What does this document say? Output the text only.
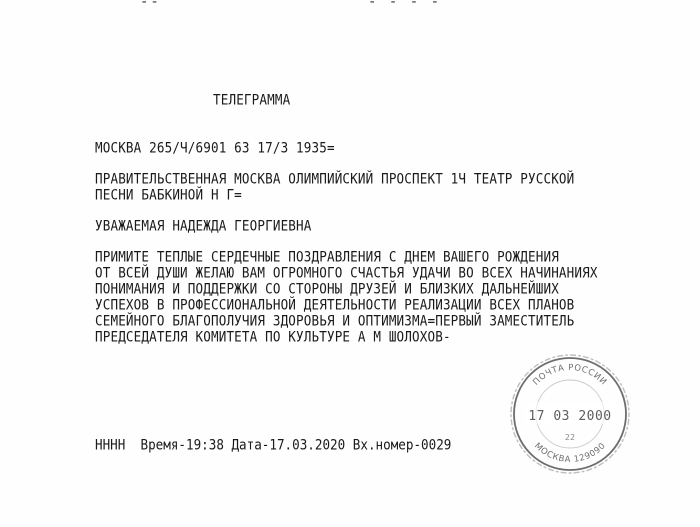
--	- - - -
ТЕЛЕГРАММА
МОСКВА 265/Ч/6901 63 17/3 1935=
ПРАВИТЕЛЬСТВЕННАЯ МОСКВА ОЛИМПИЙСКИЙ ПРОСПЕКТ 1Ч ТЕАТР РУССКОЙ
ПЕСНИ БАБКИНОЙ Н Г=
УВАЖАЕМАЯ НАДЕЖДА ГЕОРГИЕВНА
ПРИМИТЕ ТЕПЛЫЕ СЕРДЕЧНЫЕ ПОЗДРАВЛЕНИЯ С ДНЕМ ВАШЕГО РОЖДЕНИЯ
ОТ ВСЕЙ ДУШИ ЖЕЛАЮ ВАМ ОГРОМНОГО СЧАСТЬЯ УДАЧИ ВО ВСЕХ НАЧИНАНИЯХ
ПОНИМАНИЯ И ПОДДЕРЖКИ СО СТОРОНЫ ДРУЗЕЙ И БЛИЗКИХ ДАЛЬНЕЙШИХ
УСПЕХОВ В ПРОФЕССИОНАЛЬНОЙ ДЕЯТЕЛЬНОСТИ РЕАЛИЗАЦИИ ВСЕХ ПЛАНОВ
СЕМЕЙНОГО БЛАГОПОЛУЧИЯ ЗДОРОВЬЯ И ОПТИМИЗМА=ПЕРВЫЙ ЗАМЕСТИТЕЛЬ
ПРЕДСЕДАТЕЛЯ КОМИТЕТА ПО КУЛЬТУРЕ А М ШОЛОХОВ-
НННН  Время-19:38 Дата-17.03.2020 Вх.номер-0029
ПОЧТА РОССИИ
17 03 2000
22
МОСКВА 129090
